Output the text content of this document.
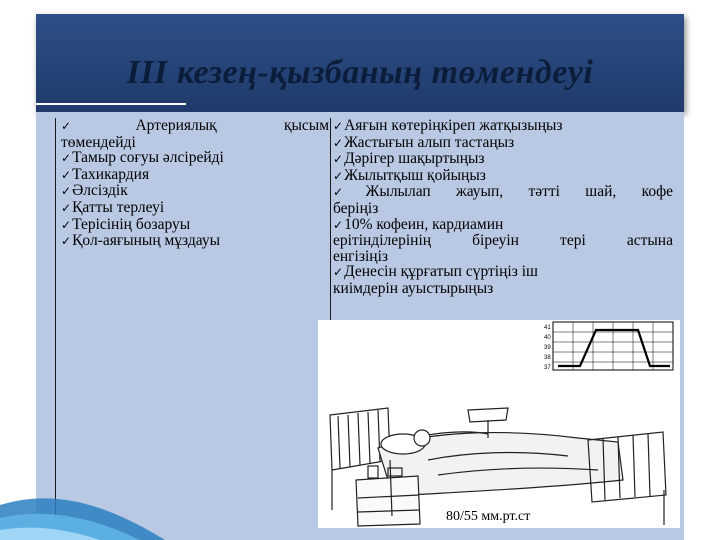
ІІІ кезең-қызбаның төмендеуі
✓Артериялық	қысым
төмендейді
✓Тамыр соғуы әлсірейді
✓Тахикардия
✓Әлсіздік
✓Қатты терлеуі
✓Терісінің бозаруы
✓Қол-аяғының мұздауы
✓Аяғын көтеріңкіреп жатқызыңыз
✓Жастығын алып тастаңыз
✓Дәрігер шақыртыңыз
✓Жылытқыш қойыңыз
✓Жылылап жауып, тәтті шай, кофе
беріңіз
✓10% кофеин, кардиамин
ерітінділерінің біреуін тері астына
енгізіңіз
✓Денесін құрғатып сүртіңіз іш
киімдерін ауыстырыңыз
41
40
39
38
37
80/55 мм.рт.ст
